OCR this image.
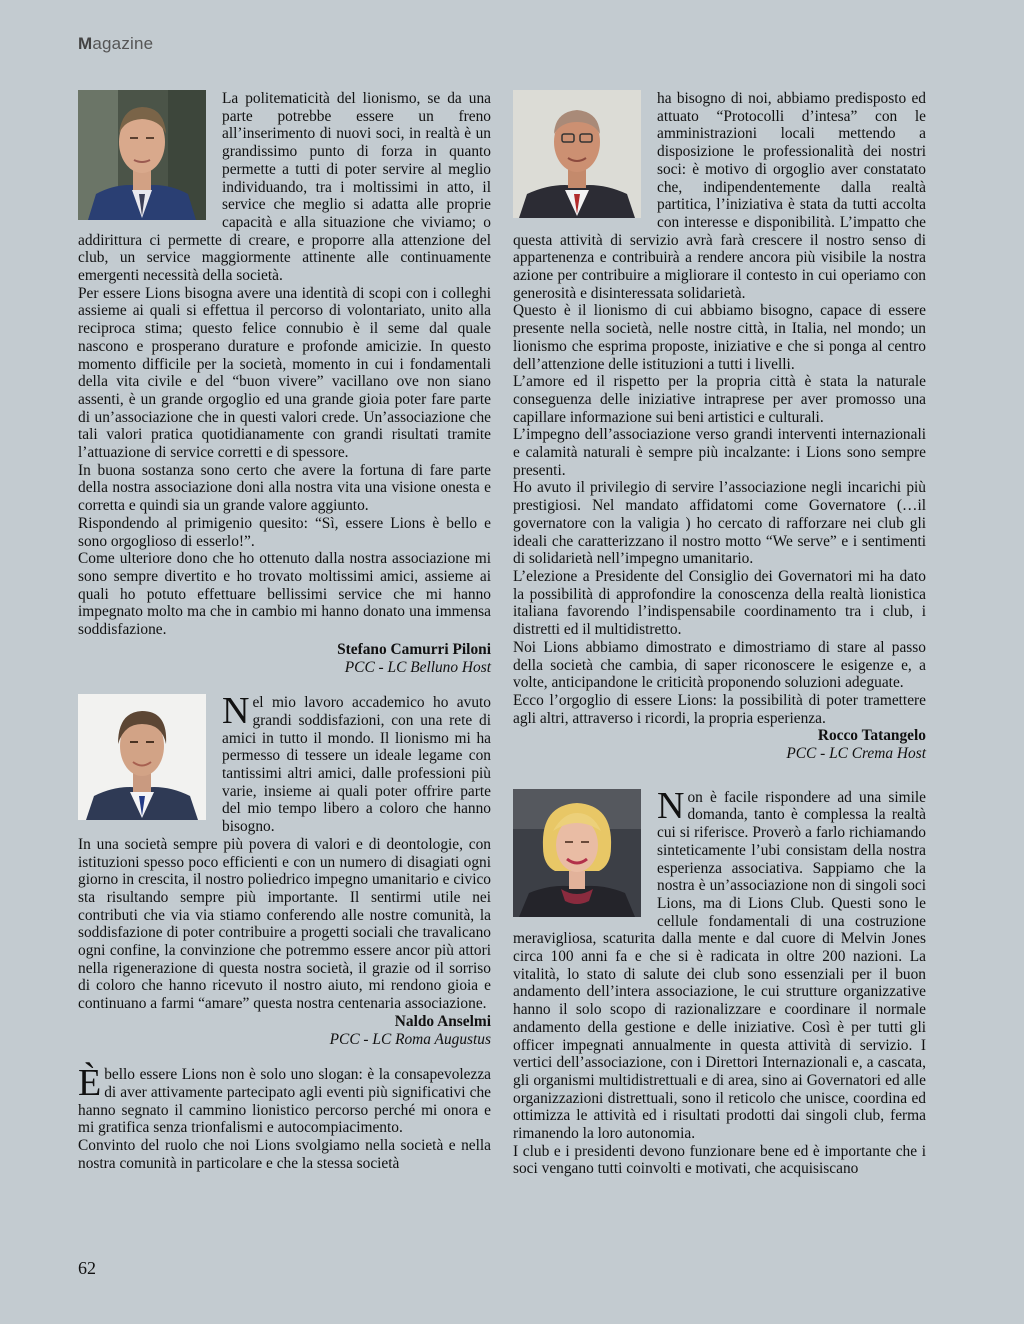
Magazine

La politematicità del lionismo, se da una parte potrebbe essere un freno all’inserimento di nuovi soci, in realtà è un grandissimo punto di forza in quanto permette a tutti di poter servire al meglio individuando, tra i moltissimi in atto, il service che meglio si adatta alle proprie capacità e alla situazione che viviamo; o addirittura ci permette di creare, e proporre alla attenzione del club, un service maggiormente attinente alle continuamente emergenti necessità della società.

Per essere Lions bisogna avere una identità di scopi con i colleghi assieme ai quali si effettua il percorso di volontariato, unito alla reciproca stima; questo felice connubio è il seme dal quale nascono e prosperano durature e profonde amicizie. In questo momento difficile per la società, momento in cui i fondamentali della vita civile e del “buon vivere” vacillano ove non siano assenti, è un grande orgoglio ed una grande gioia poter fare parte di un’associazione che in questi valori crede. Un’associazione che tali valori pratica quotidianamente con grandi risultati tramite l’attuazione di service corretti e di spessore.

In buona sostanza sono certo che avere la fortuna di fare parte della nostra associazione doni alla nostra vita una visione onesta e corretta e quindi sia un grande valore aggiunto.

Rispondendo al primigenio quesito: “Sì, essere Lions è bello e sono orgoglioso di esserlo!”.

Come ulteriore dono che ho ottenuto dalla nostra associazione mi sono sempre divertito e ho trovato moltissimi amici, assieme ai quali ho potuto effettuare bellissimi service che mi hanno impegnato molto ma che in cambio mi hanno donato una immensa soddisfazione.

Stefano Camurri Piloni

PCC - LC Belluno Host

Nel mio lavoro accademico ho avuto grandi soddisfazioni, con una rete di amici in tutto il mondo. Il lionismo mi ha permesso di tessere un ideale legame con tantissimi altri amici, dalle professioni più varie, insieme ai quali poter offrire parte del mio tempo libero a coloro che hanno bisogno.

In una società sempre più povera di valori e di deontologie, con istituzioni spesso poco efficienti e con un numero di disagiati ogni giorno in crescita, il nostro poliedrico impegno umanitario e civico sta risultando sempre più importante. Il sentirmi utile nei contributi che via via stiamo conferendo alle nostre comunità, la soddisfazione di poter contribuire a progetti sociali che travalicano ogni confine, la convinzione che potremmo essere ancor più attori nella rigenerazione di questa nostra società, il grazie od il sorriso di coloro che hanno ricevuto il nostro aiuto, mi rendono gioia e continuano a farmi “amare” questa nostra centenaria associazione.

Naldo Anselmi

PCC - LC Roma Augustus

Èbello essere Lions non è solo uno slogan: è la consapevolezza di aver attivamente partecipato agli eventi più significativi che hanno segnato il cammino lionistico percorso perché mi onora e mi gratifica senza trionfalismi e autocompiacimento.

Convinto del ruolo che noi Lions svolgiamo nella società e nella nostra comunità in particolare e che la stessa società

ha bisogno di noi, abbiamo predisposto ed attuato “Protocolli d’intesa” con le amministrazioni locali mettendo a disposizione le professionalità dei nostri soci: è motivo di orgoglio aver constatato che, indipendentemente dalla realtà partitica, l’iniziativa è stata da tutti accolta con interesse e disponibilità. L’impatto che questa attività di servizio avrà farà crescere il nostro senso di appartenenza e contribuirà a rendere ancora più visibile la nostra azione per contribuire a migliorare il contesto in cui operiamo con generosità e disinteressata solidarietà.

Questo è il lionismo di cui abbiamo bisogno, capace di essere presente nella società, nelle nostre città, in Italia, nel mondo; un lionismo che esprima proposte, iniziative e che si ponga al centro dell’attenzione delle istituzioni a tutti i livelli.

L’amore ed il rispetto per la propria città è stata la naturale conseguenza delle iniziative intraprese per aver promosso una capillare informazione sui beni artistici e culturali.

L’impegno dell’associazione verso grandi interventi internazionali e calamità naturali è sempre più incalzante: i Lions sono sempre presenti.

Ho avuto il privilegio di servire l’associazione negli incarichi più prestigiosi. Nel mandato affidatomi come Governatore (…il governatore con la valigia ) ho cercato di rafforzare nei club gli ideali che caratterizzano il nostro motto “We serve” e i sentimenti di solidarietà nell’impegno umanitario.

L’elezione a Presidente del Consiglio dei Governatori mi ha dato la possibilità di approfondire la conoscenza della realtà lionistica italiana favorendo l’indispensabile coordinamento tra i club, i distretti ed il multidistretto.

Noi Lions abbiamo dimostrato e dimostriamo di stare al passo della società che cambia, di saper riconoscere le esigenze e, a volte, anticipandone le criticità proponendo soluzioni adeguate.

Ecco l’orgoglio di essere Lions: la possibilità di poter tramettere agli altri, attraverso i ricordi, la propria esperienza.

Rocco Tatangelo

PCC - LC Crema Host

Non è facile rispondere ad una simile domanda, tanto è complessa la realtà cui si riferisce. Proverò a farlo richiamando sinteticamente l’ubi consistam della nostra esperienza associativa. Sappiamo che la nostra è un’associazione non di singoli soci Lions, ma di Lions Club. Questi sono le cellule fondamentali di una costruzione meravigliosa, scaturita dalla mente e dal cuore di Melvin Jones circa 100 anni fa e che si è radicata in oltre 200 nazioni. La vitalità, lo stato di salute dei club sono essenziali per il buon andamento dell’intera associazione, le cui strutture organizzative hanno il solo scopo di razionalizzare e coordinare il normale andamento della gestione e delle iniziative. Così è per tutti gli officer impegnati annualmente in questa attività di servizio. I vertici dell’associazione, con i Direttori Internazionali e, a cascata, gli organismi multidistrettuali e di area, sino ai Governatori ed alle organizzazioni distrettuali, sono il reticolo che unisce, coordina ed ottimizza le attività ed i risultati prodotti dai singoli club, ferma rimanendo la loro autonomia.

I club e i presidenti devono funzionare bene ed è importante che i soci vengano tutti coinvolti e motivati, che acquisiscano

62
